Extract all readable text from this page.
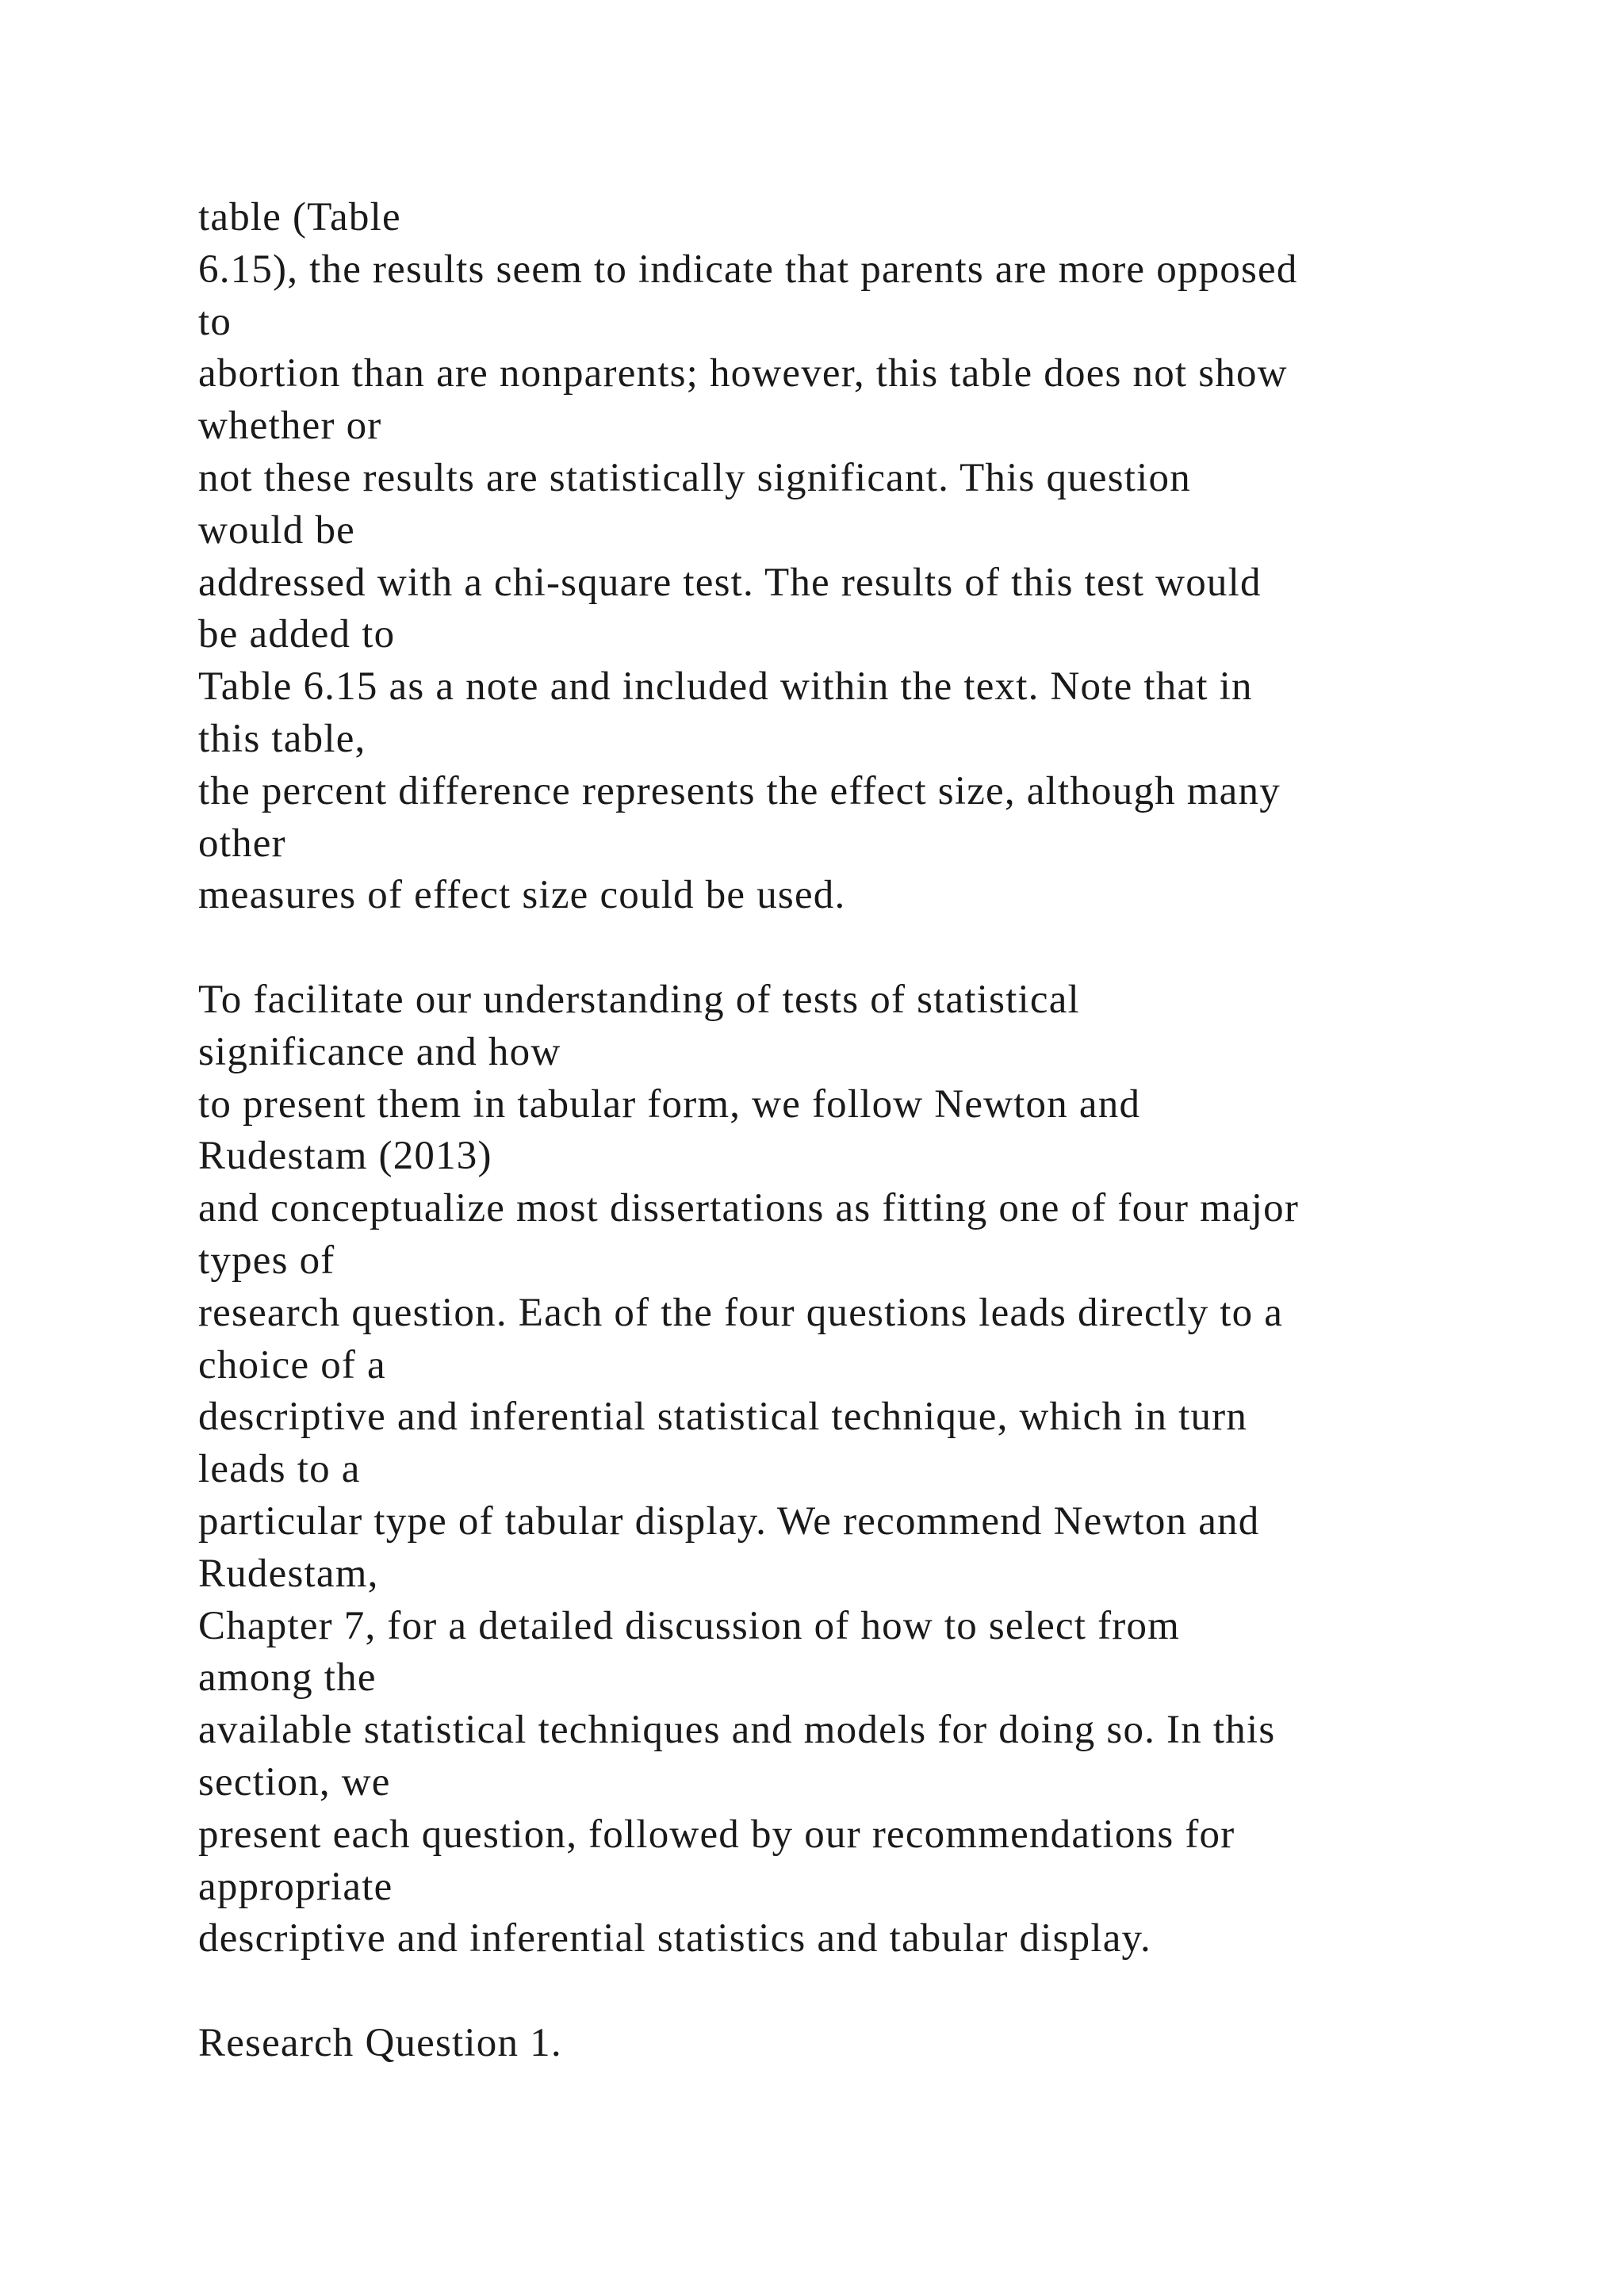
table (Table
6.15), the results seem to indicate that parents are more opposed
to
abortion than are nonparents; however, this table does not show
whether or
not these results are statistically significant. This question
would be
addressed with a chi-square test. The results of this test would
be added to
Table 6.15 as a note and included within the text. Note that in
this table,
the percent difference represents the effect size, although many
other
measures of effect size could be used.
To facilitate our understanding of tests of statistical
significance and how
to present them in tabular form, we follow Newton and
Rudestam (2013)
and conceptualize most dissertations as fitting one of four major
types of
research question. Each of the four questions leads directly to a
choice of a
descriptive and inferential statistical technique, which in turn
leads to a
particular type of tabular display. We recommend Newton and
Rudestam,
Chapter 7, for a detailed discussion of how to select from
among the
available statistical techniques and models for doing so. In this
section, we
present each question, followed by our recommendations for
appropriate
descriptive and inferential statistics and tabular display.
Research Question 1.
